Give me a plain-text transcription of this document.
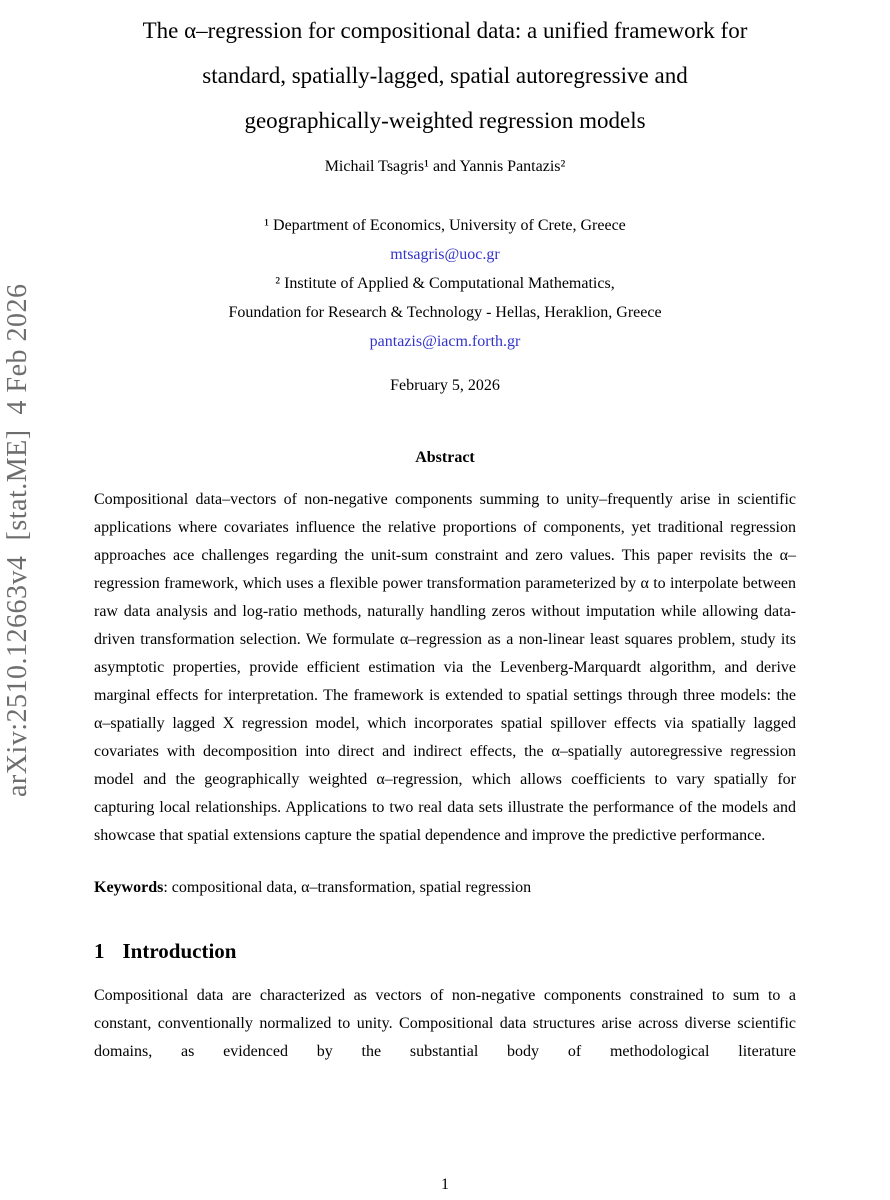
arXiv:2510.12663v4  [stat.ME]  4 Feb 2026
The α–regression for compositional data: a unified framework for
standard, spatially-lagged, spatial autoregressive and
geographically-weighted regression models
Michail Tsagris¹ and Yannis Pantazis²
¹ Department of Economics, University of Crete, Greece
mtsagris@uoc.gr
² Institute of Applied & Computational Mathematics,
Foundation for Research & Technology - Hellas, Heraklion, Greece
pantazis@iacm.forth.gr
February 5, 2026
Abstract
Compositional data–vectors of non-negative components summing to unity–frequently arise in scientific applications where covariates influence the relative proportions of components, yet traditional regression approaches ace challenges regarding the unit-sum constraint and zero values. This paper revisits the α–regression framework, which uses a flexible power transformation parameterized by α to interpolate between raw data analysis and log-ratio methods, naturally handling zeros without imputation while allowing data-driven transformation selection. We formulate α–regression as a non-linear least squares problem, study its asymptotic properties, provide efficient estimation via the Levenberg-Marquardt algorithm, and derive marginal effects for interpretation. The framework is extended to spatial settings through three models: the α–spatially lagged X regression model, which incorporates spatial spillover effects via spatially lagged covariates with decomposition into direct and indirect effects, the α–spatially autoregressive regression model and the geographically weighted α–regression, which allows coefficients to vary spatially for capturing local relationships. Applications to two real data sets illustrate the performance of the models and showcase that spatial extensions capture the spatial dependence and improve the predictive performance.
Keywords: compositional data, α–transformation, spatial regression
1 Introduction
Compositional data are characterized as vectors of non-negative components constrained to sum to a constant, conventionally normalized to unity. Compositional data structures arise across diverse scientific domains, as evidenced by the substantial body of methodological literature
1
